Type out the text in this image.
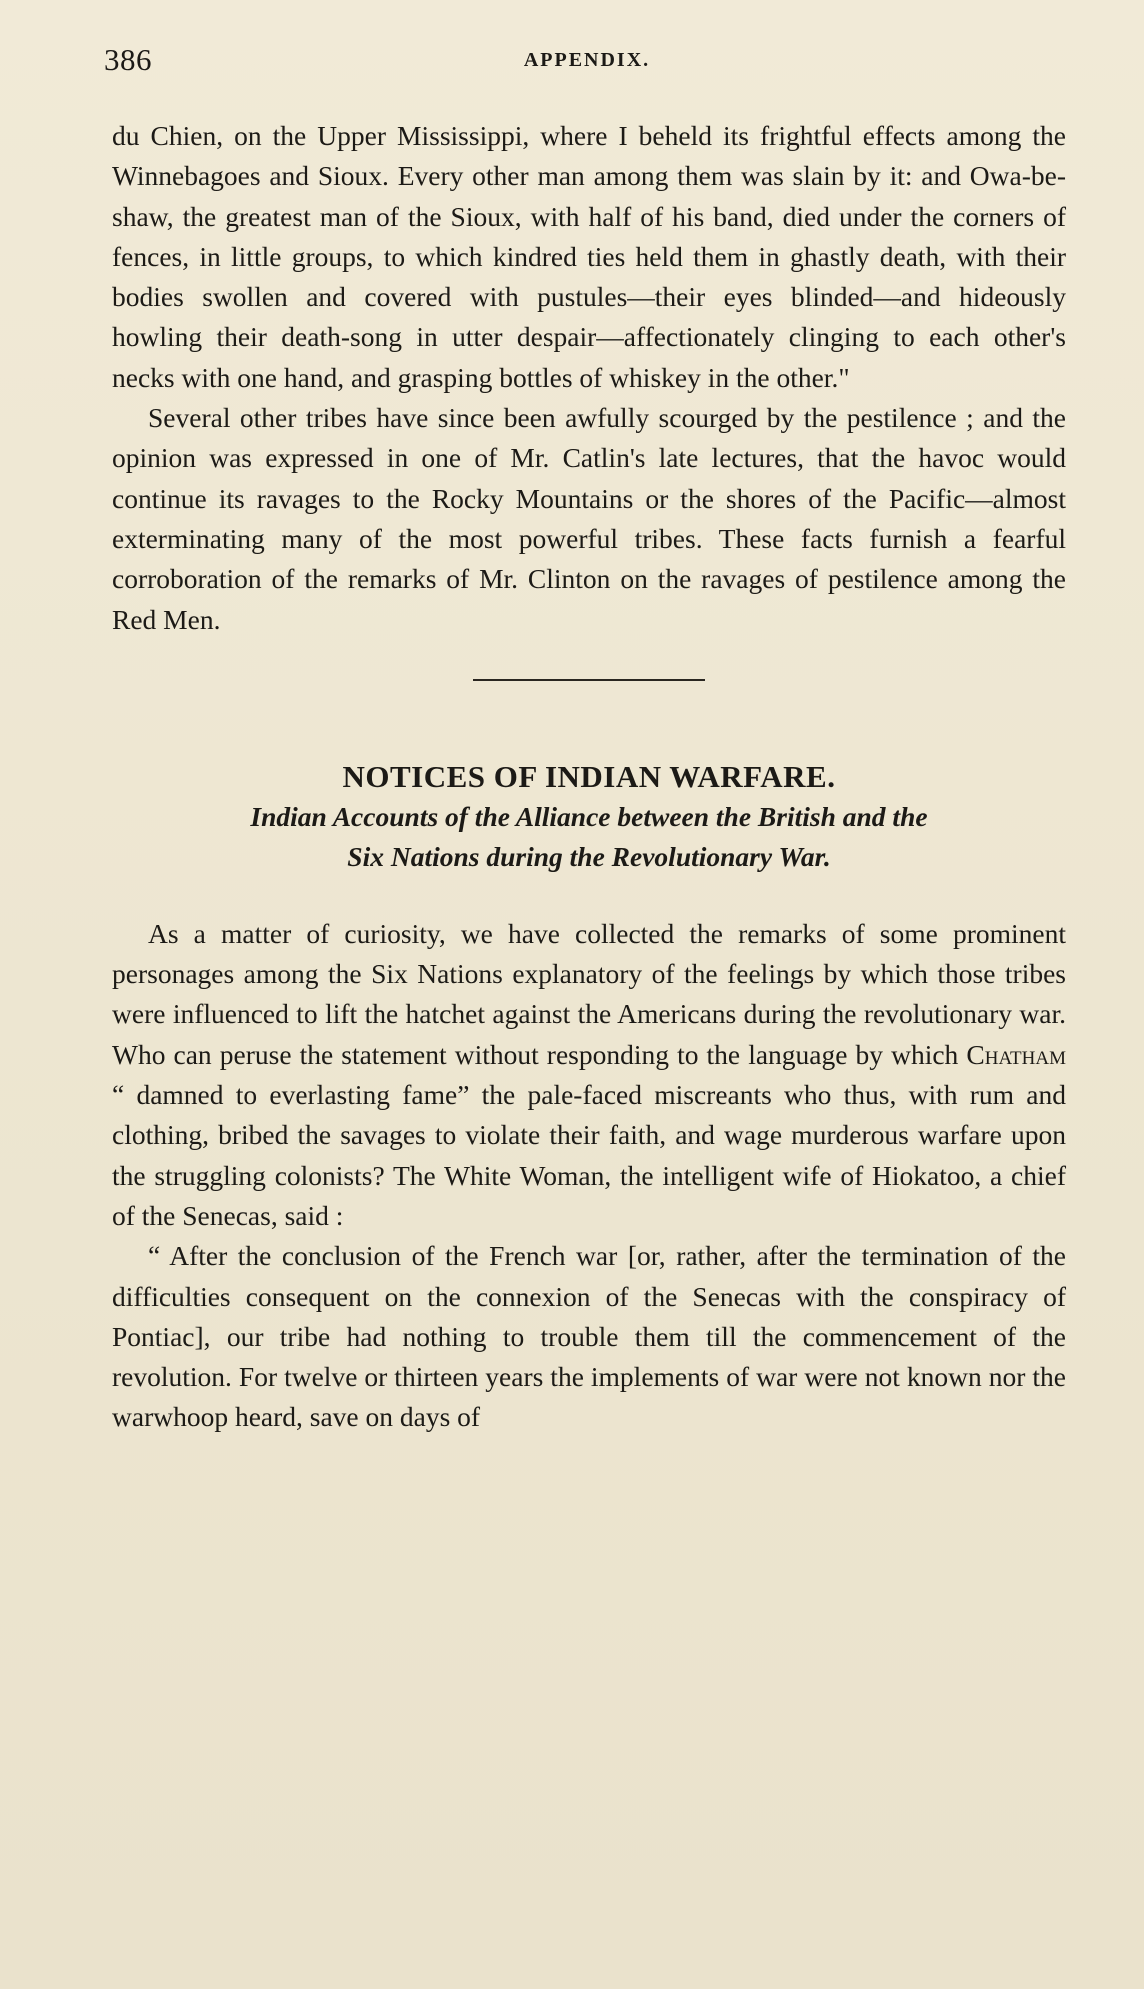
386	APPENDIX.

du Chien, on the Upper Mississippi, where I beheld its frightful effects among the Winnebagoes and Sioux. Every other man among them was slain by it: and Owa-be-shaw, the greatest man of the Sioux, with half of his band, died under the corners of fences, in little groups, to which kindred ties held them in ghastly death, with their bodies swollen and covered with pustules—their eyes blinded—and hideously howling their death-song in utter despair—affectionately clinging to each other's necks with one hand, and grasping bottles of whiskey in the other."

Several other tribes have since been awfully scourged by the pestilence ; and the opinion was expressed in one of Mr. Catlin's late lectures, that the havoc would continue its ravages to the Rocky Mountains or the shores of the Pacific—almost exterminating many of the most powerful tribes. These facts furnish a fearful corroboration of the remarks of Mr. Clinton on the ravages of pestilence among the Red Men.

NOTICES OF INDIAN WARFARE.

Indian Accounts of the Alliance between the British and the
Six Nations during the Revolutionary War.

As a matter of curiosity, we have collected the remarks of some prominent personages among the Six Nations explanatory of the feelings by which those tribes were influenced to lift the hatchet against the Americans during the revolutionary war. Who can peruse the statement without responding to the language by which Chatham “ damned to everlasting fame” the pale-faced miscreants who thus, with rum and clothing, bribed the savages to violate their faith, and wage murderous warfare upon the struggling colonists? The White Woman, the intelligent wife of Hiokatoo, a chief of the Senecas, said :

“ After the conclusion of the French war [or, rather, after the termination of the difficulties consequent on the connexion of the Senecas with the conspiracy of Pontiac], our tribe had nothing to trouble them till the commencement of the revolution. For twelve or thirteen years the implements of war were not known nor the warwhoop heard, save on days of
